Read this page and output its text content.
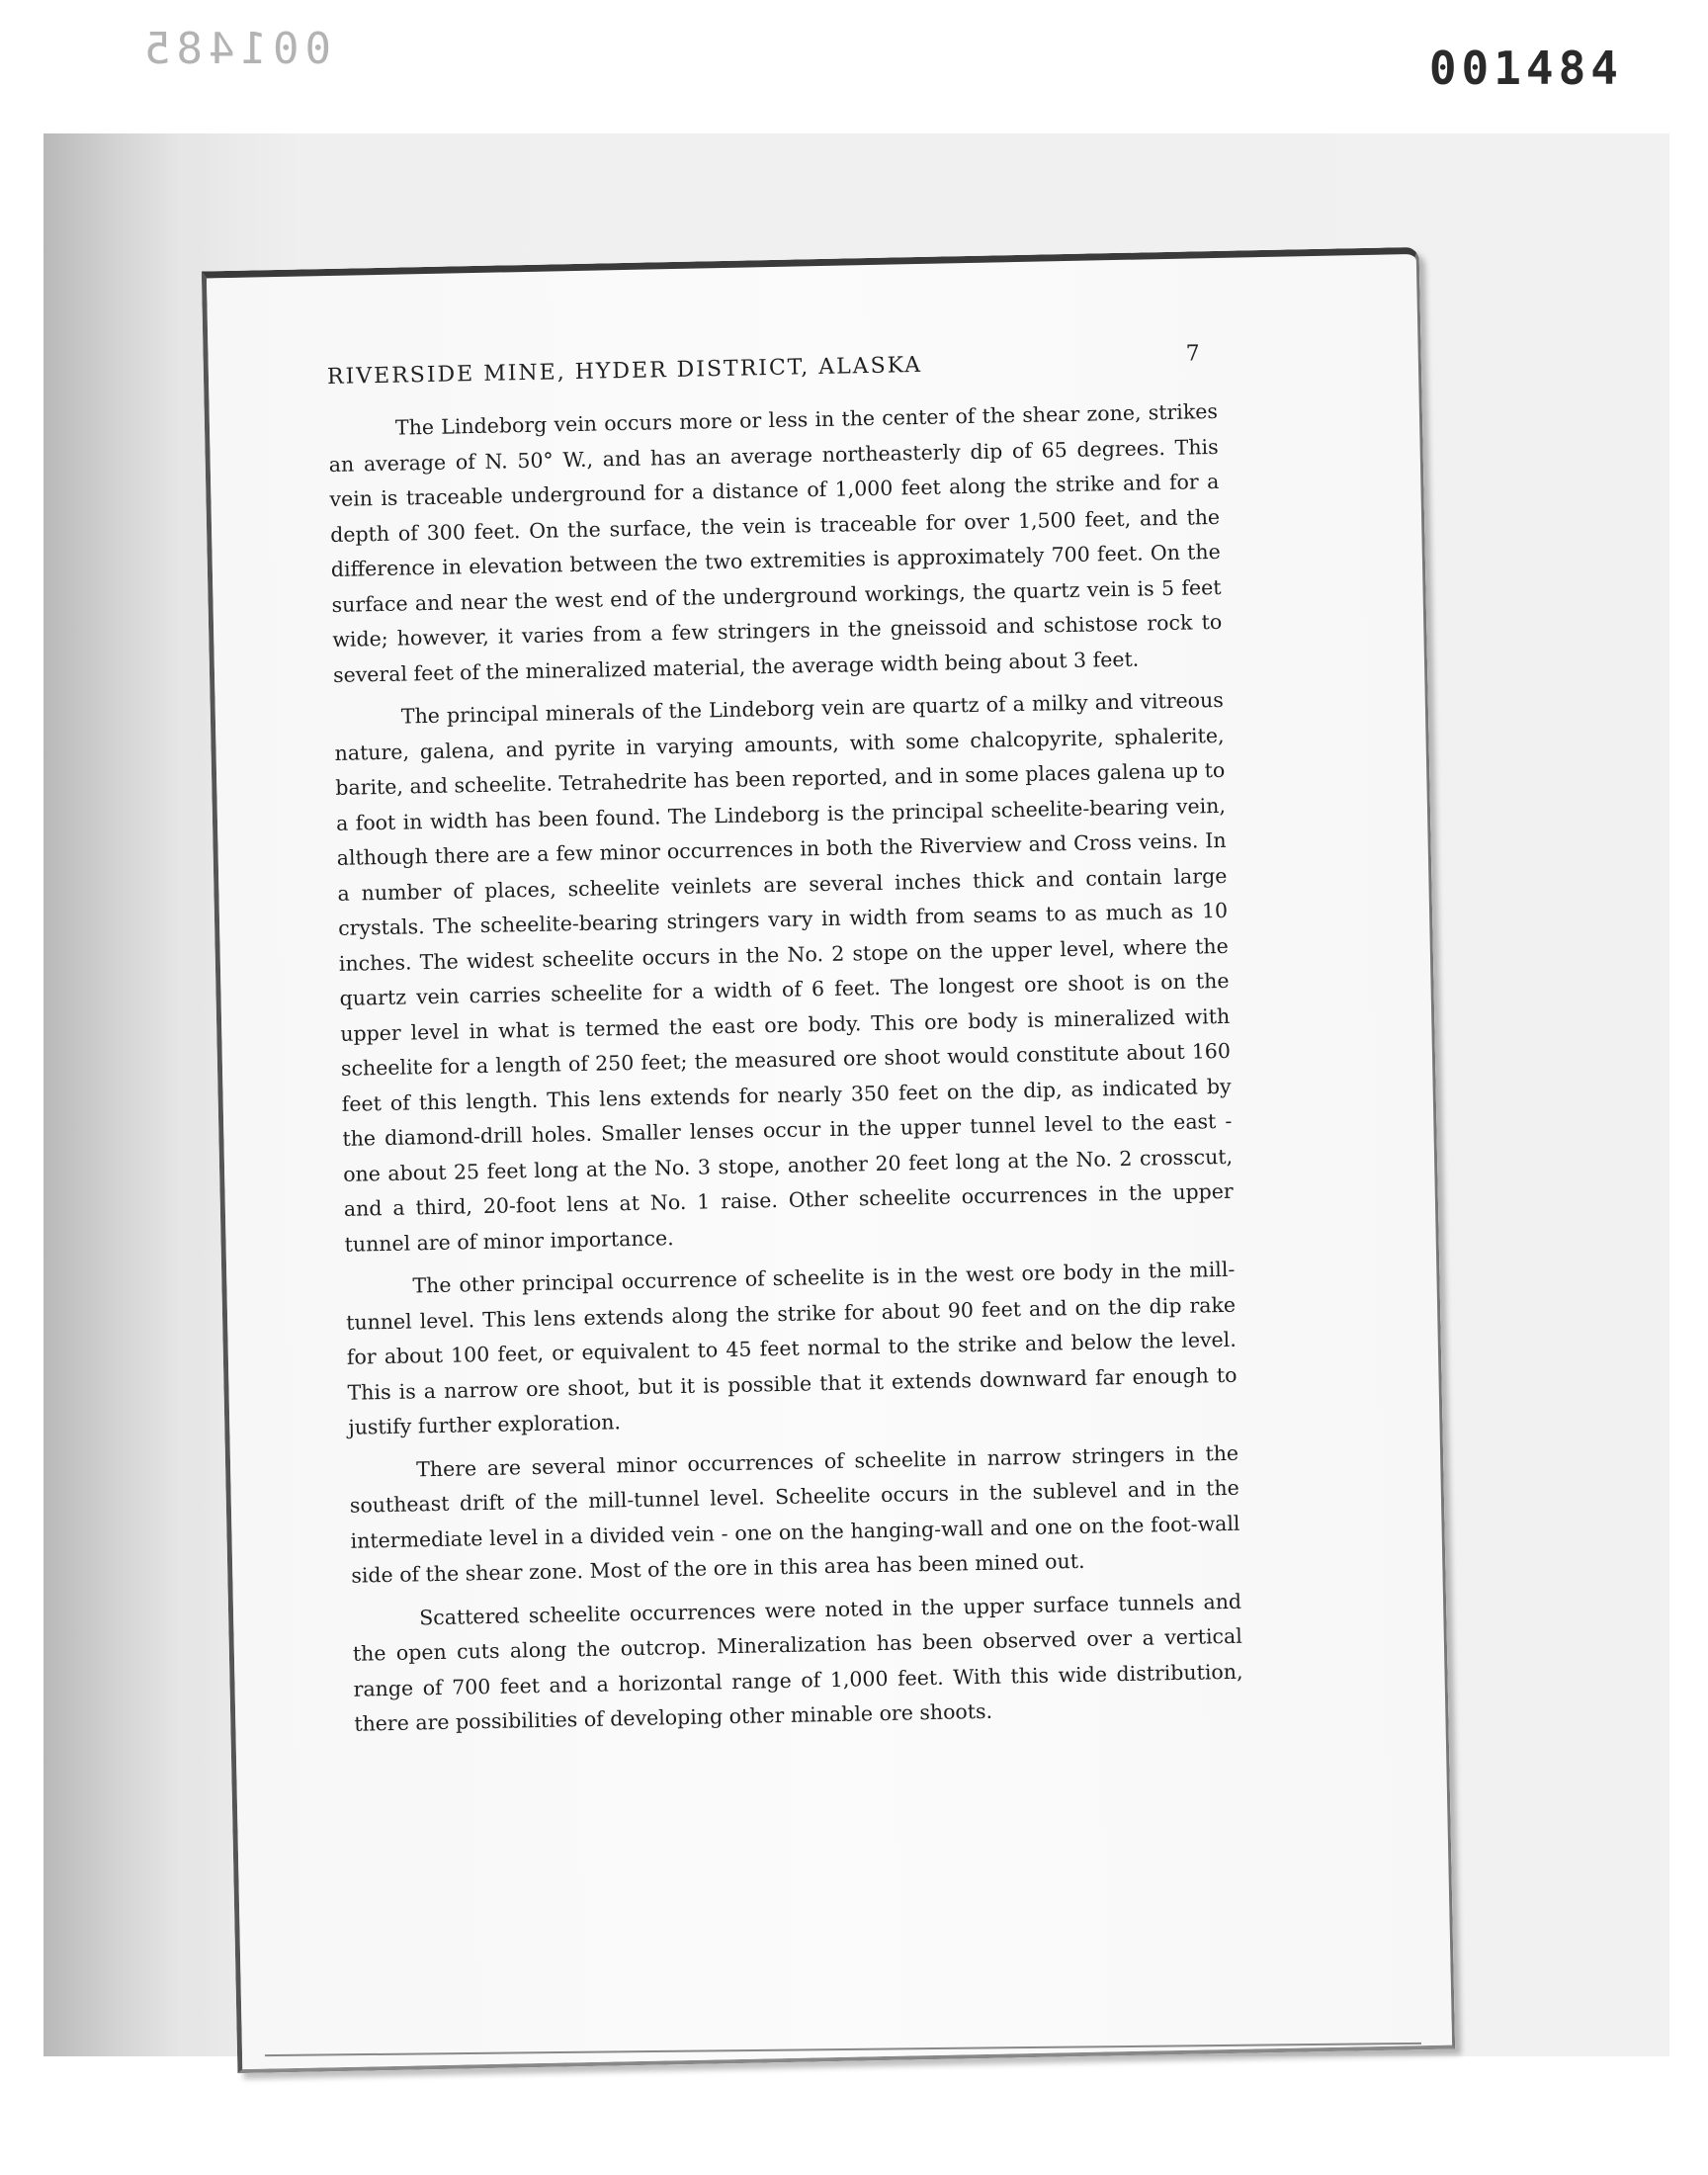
001485	001484
RIVERSIDE MINE, HYDER DISTRICT, ALASKA	7

The Lindeborg vein occurs more or less in the center of the shear zone, strikes an average of N. 50° W., and has an average northeasterly dip of 65 degrees. This vein is traceable underground for a distance of 1,000 feet along the strike and for a depth of 300 feet. On the surface, the vein is traceable for over 1,500 feet, and the difference in elevation between the two extremities is approximately 700 feet. On the surface and near the west end of the underground workings, the quartz vein is 5 feet wide; however, it varies from a few stringers in the gneissoid and schistose rock to several feet of the mineralized material, the average width being about 3 feet.

The principal minerals of the Lindeborg vein are quartz of a milky and vitreous nature, galena, and pyrite in varying amounts, with some chalcopyrite, sphalerite, barite, and scheelite. Tetrahedrite has been reported, and in some places galena up to a foot in width has been found. The Lindeborg is the principal scheelite-bearing vein, although there are a few minor occurrences in both the Riverview and Cross veins. In a number of places, scheelite veinlets are several inches thick and contain large crystals. The scheelite-bearing stringers vary in width from seams to as much as 10 inches. The widest scheelite occurs in the No. 2 stope on the upper level, where the quartz vein carries scheelite for a width of 6 feet. The longest ore shoot is on the upper level in what is termed the east ore body. This ore body is mineralized with scheelite for a length of 250 feet; the measured ore shoot would constitute about 160 feet of this length. This lens extends for nearly 350 feet on the dip, as indicated by the diamond-drill holes. Smaller lenses occur in the upper tunnel level to the east - one about 25 feet long at the No. 3 stope, another 20 feet long at the No. 2 crosscut, and a third, 20-foot lens at No. 1 raise. Other scheelite occurrences in the upper tunnel are of minor importance.

The other principal occurrence of scheelite is in the west ore body in the mill-tunnel level. This lens extends along the strike for about 90 feet and on the dip rake for about 100 feet, or equivalent to 45 feet normal to the strike and below the level. This is a narrow ore shoot, but it is possible that it extends downward far enough to justify further exploration.

There are several minor occurrences of scheelite in narrow stringers in the southeast drift of the mill-tunnel level. Scheelite occurs in the sublevel and in the intermediate level in a divided vein - one on the hanging-wall and one on the foot-wall side of the shear zone. Most of the ore in this area has been mined out.

Scattered scheelite occurrences were noted in the upper surface tunnels and the open cuts along the outcrop. Mineralization has been observed over a vertical range of 700 feet and a horizontal range of 1,000 feet. With this wide distribution, there are possibilities of developing other minable ore shoots.
